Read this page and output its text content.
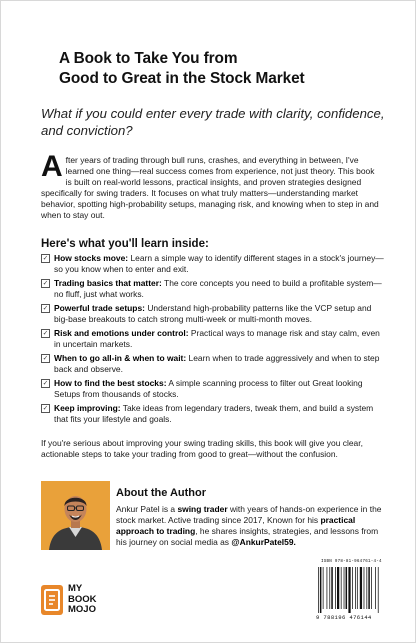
A Book to Take You from
Good to Great in the Stock Market
What if you could enter every trade with clarity, confidence, and conviction?
After years of trading through bull runs, crashes, and everything in between, I've learned one thing—real success comes from experience, not just theory. This book is built on real-world lessons, practical insights, and proven strategies designed specifically for swing traders. It focuses on what truly matters—understanding market behavior, spotting high-probability setups, managing risk, and knowing when to step in and when to stay out.
Here's what you'll learn inside:
✓ How stocks move: Learn a simple way to identify different stages in a stock's journey—so you know when to enter and exit.
✓ Trading basics that matter: The core concepts you need to build a profitable system—no fluff, just what works.
✓ Powerful trade setups: Understand high-probability patterns like the VCP setup and big-base breakouts to catch strong multi-week or multi-month moves.
✓ Risk and emotions under control: Practical ways to manage risk and stay calm, even in uncertain markets.
✓ When to go all-in & when to wait: Learn when to trade aggressively and when to step back and observe.
✓ How to find the best stocks: A simple scanning process to filter out Great looking Setups from thousands of stocks.
✓ Keep improving: Take ideas from legendary traders, tweak them, and build a system that fits your lifestyle and goals.
If you're serious about improving your swing trading skills, this book will give you clear, actionable steps to take your trading from good to great—without the confusion.
About the Author
Ankur Patel is a swing trader with years of hands-on experience in the stock market. Active trading since 2017, Known for his practical approach to trading, he shares insights, strategies, and lessons from his journey on social media as @AnkurPatel59.
MY
BOOK
MOJO
ISBN 978-81-964761-4-4
9 788196 476144
